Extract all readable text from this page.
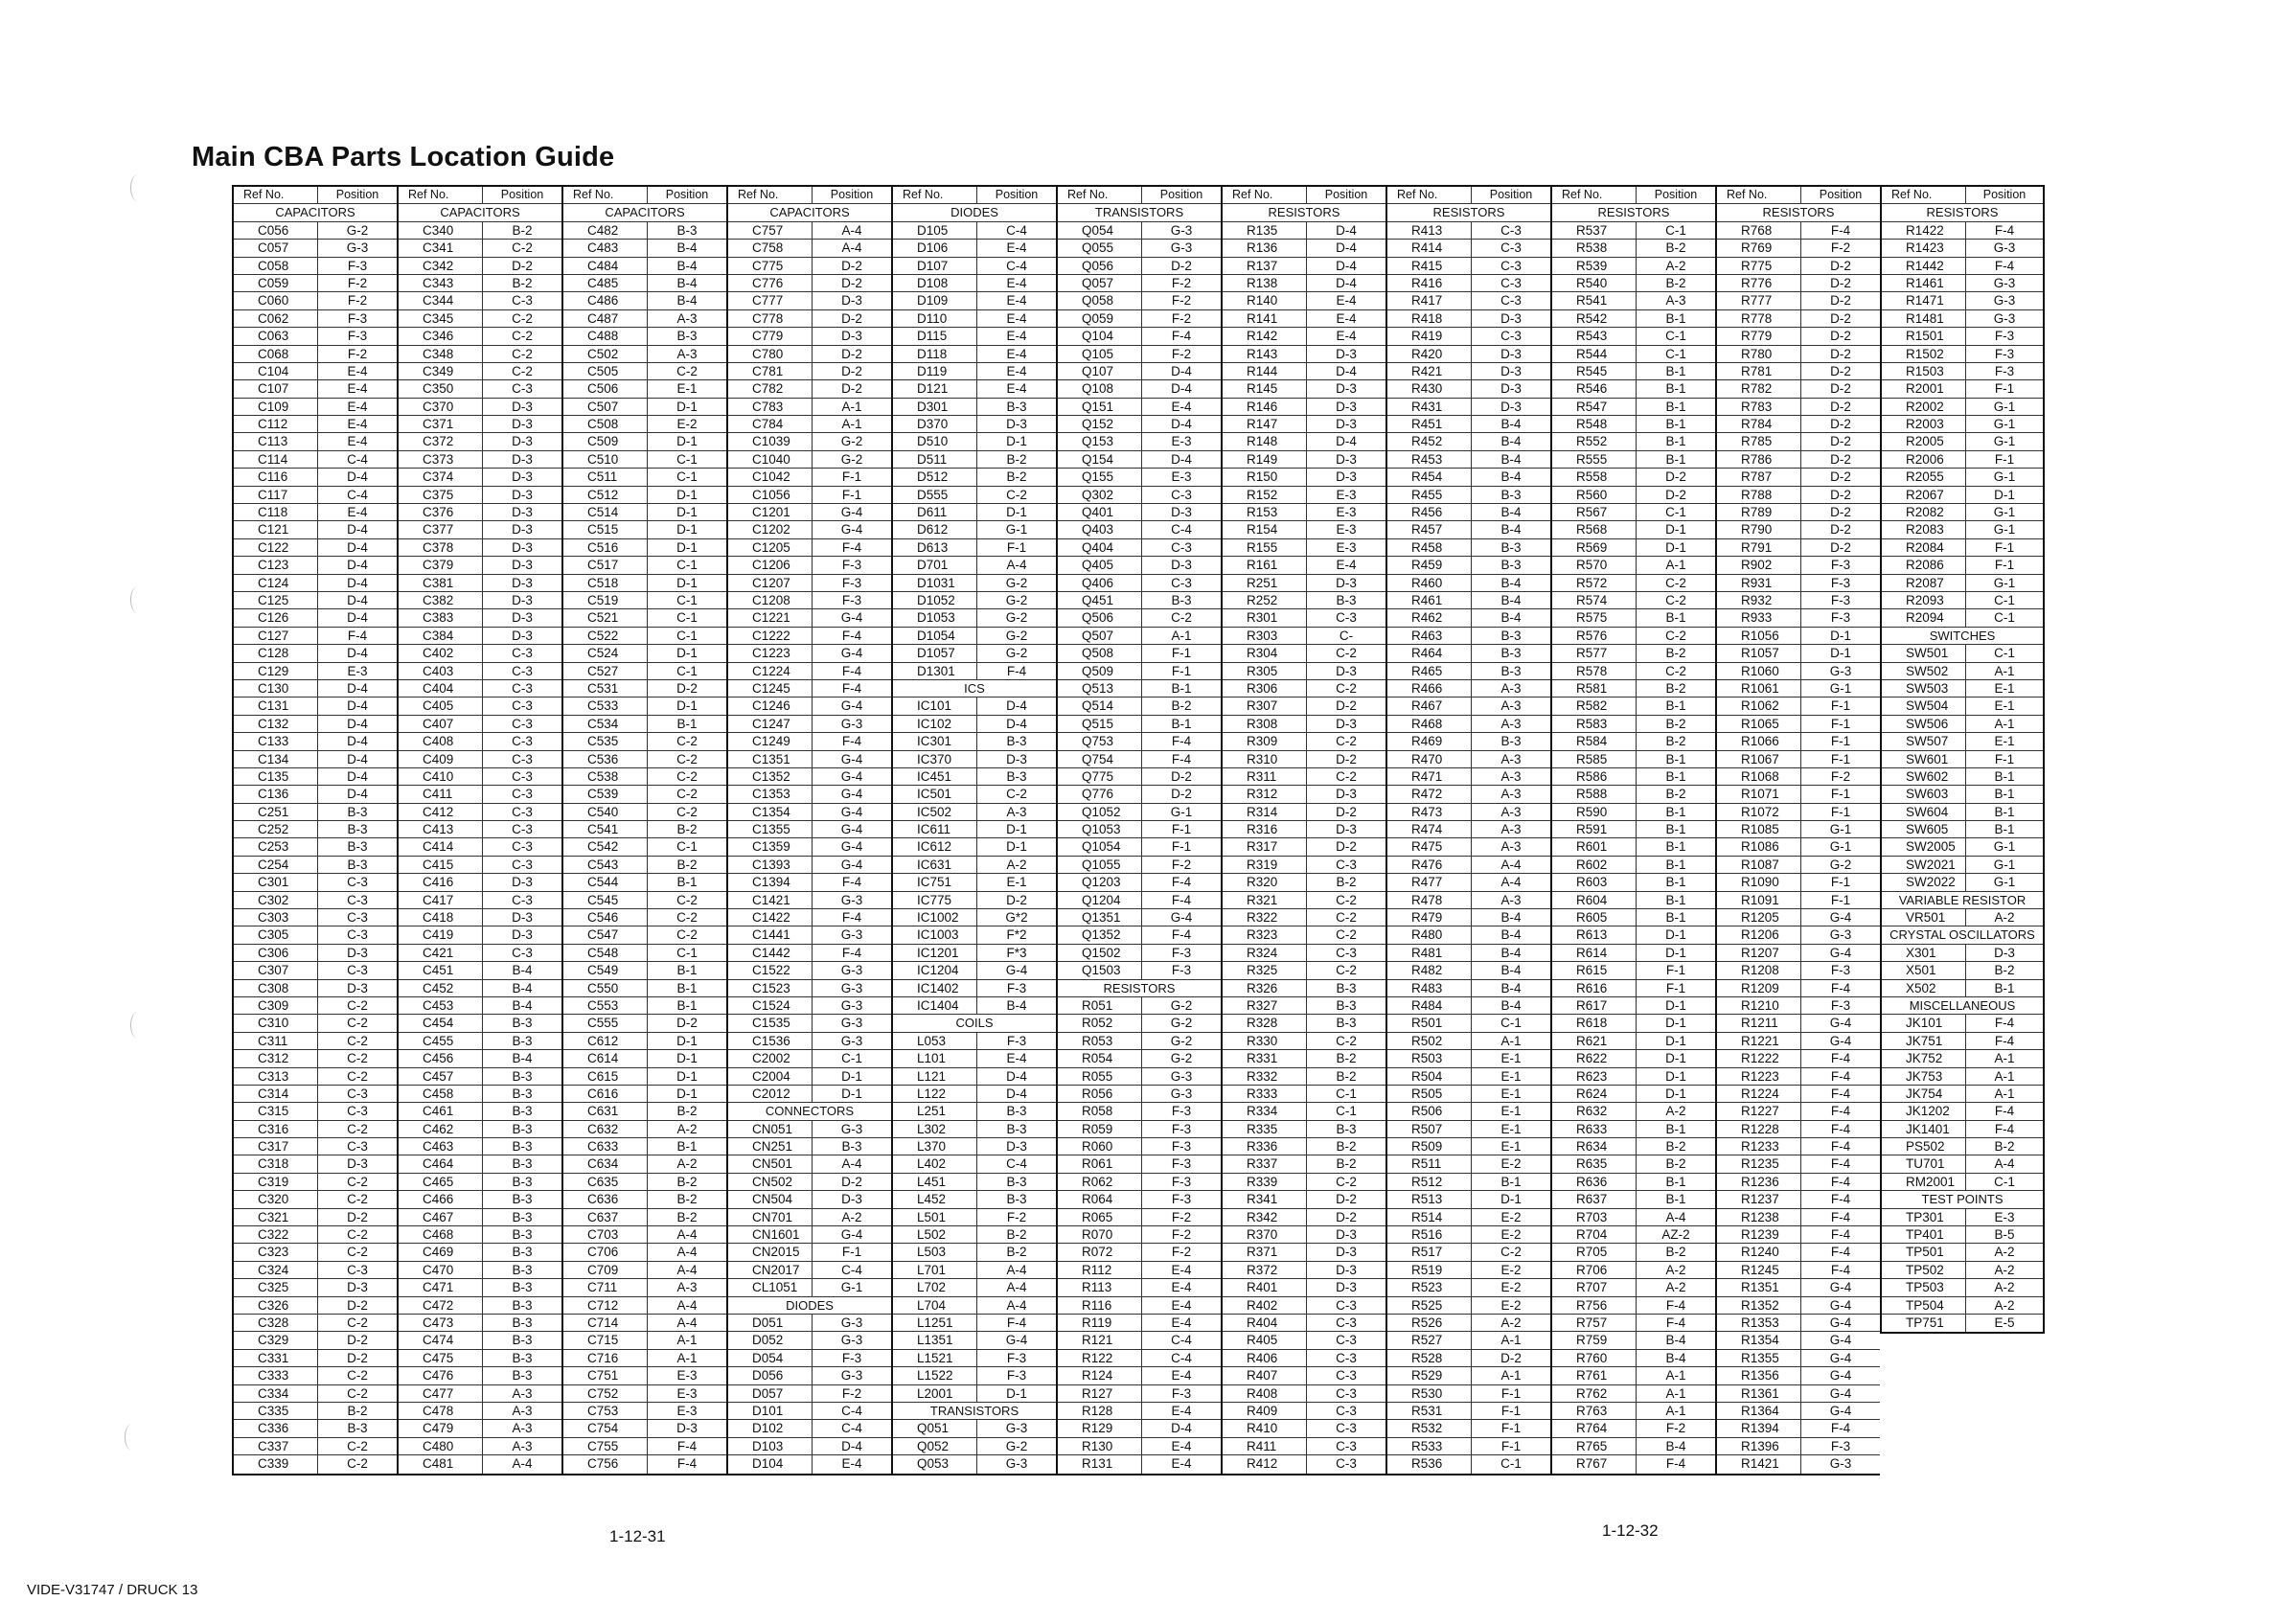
Main CBA Parts Location Guide
Ref No.	Position
CAPACITORS
C056	G-2
C057	G-3
C058	F-3
C059	F-2
C060	F-2
C062	F-3
C063	F-3
C068	F-2
C104	E-4
C107	E-4
C109	E-4
C112	E-4
C113	E-4
C114	C-4
C116	D-4
C117	C-4
C118	E-4
C121	D-4
C122	D-4
C123	D-4
C124	D-4
C125	D-4
C126	D-4
C127	F-4
C128	D-4
C129	E-3
C130	D-4
C131	D-4
C132	D-4
C133	D-4
C134	D-4
C135	D-4
C136	D-4
C251	B-3
C252	B-3
C253	B-3
C254	B-3
C301	C-3
C302	C-3
C303	C-3
C305	C-3
C306	D-3
C307	C-3
C308	D-3
C309	C-2
C310	C-2
C311	C-2
C312	C-2
C313	C-2
C314	C-3
C315	C-3
C316	C-2
C317	C-3
C318	D-3
C319	C-2
C320	C-2
C321	D-2
C322	C-2
C323	C-2
C324	C-3
C325	D-3
C326	D-2
C328	C-2
C329	D-2
C331	D-2
C333	C-2
C334	C-2
C335	B-2
C336	B-3
C337	C-2
C339	C-2
Ref No.	Position
CAPACITORS
C340	B-2
C341	C-2
C342	D-2
C343	B-2
C344	C-3
C345	C-2
C346	C-2
C348	C-2
C349	C-2
C350	C-3
C370	D-3
C371	D-3
C372	D-3
C373	D-3
C374	D-3
C375	D-3
C376	D-3
C377	D-3
C378	D-3
C379	D-3
C381	D-3
C382	D-3
C383	D-3
C384	D-3
C402	C-3
C403	C-3
C404	C-3
C405	C-3
C407	C-3
C408	C-3
C409	C-3
C410	C-3
C411	C-3
C412	C-3
C413	C-3
C414	C-3
C415	C-3
C416	D-3
C417	C-3
C418	D-3
C419	D-3
C421	C-3
C451	B-4
C452	B-4
C453	B-4
C454	B-3
C455	B-3
C456	B-4
C457	B-3
C458	B-3
C461	B-3
C462	B-3
C463	B-3
C464	B-3
C465	B-3
C466	B-3
C467	B-3
C468	B-3
C469	B-3
C470	B-3
C471	B-3
C472	B-3
C473	B-3
C474	B-3
C475	B-3
C476	B-3
C477	A-3
C478	A-3
C479	A-3
C480	A-3
C481	A-4
Ref No.	Position
CAPACITORS
C482	B-3
C483	B-4
C484	B-4
C485	B-4
C486	B-4
C487	A-3
C488	B-3
C502	A-3
C505	C-2
C506	E-1
C507	D-1
C508	E-2
C509	D-1
C510	C-1
C511	C-1
C512	D-1
C514	D-1
C515	D-1
C516	D-1
C517	C-1
C518	D-1
C519	C-1
C521	C-1
C522	C-1
C524	D-1
C527	C-1
C531	D-2
C533	D-1
C534	B-1
C535	C-2
C536	C-2
C538	C-2
C539	C-2
C540	C-2
C541	B-2
C542	C-1
C543	B-2
C544	B-1
C545	C-2
C546	C-2
C547	C-2
C548	C-1
C549	B-1
C550	B-1
C553	B-1
C555	D-2
C612	D-1
C614	D-1
C615	D-1
C616	D-1
C631	B-2
C632	A-2
C633	B-1
C634	A-2
C635	B-2
C636	B-2
C637	B-2
C703	A-4
C706	A-4
C709	A-4
C711	A-3
C712	A-4
C714	A-4
C715	A-1
C716	A-1
C751	E-3
C752	E-3
C753	E-3
C754	D-3
C755	F-4
C756	F-4
Ref No.	Position
CAPACITORS
C757	A-4
C758	A-4
C775	D-2
C776	D-2
C777	D-3
C778	D-2
C779	D-3
C780	D-2
C781	D-2
C782	D-2
C783	A-1
C784	A-1
C1039	G-2
C1040	G-2
C1042	F-1
C1056	F-1
C1201	G-4
C1202	G-4
C1205	F-4
C1206	F-3
C1207	F-3
C1208	F-3
C1221	G-4
C1222	F-4
C1223	G-4
C1224	F-4
C1245	F-4
C1246	G-4
C1247	G-3
C1249	F-4
C1351	G-4
C1352	G-4
C1353	G-4
C1354	G-4
C1355	G-4
C1359	G-4
C1393	G-4
C1394	F-4
C1421	G-3
C1422	F-4
C1441	G-3
C1442	F-4
C1522	G-3
C1523	G-3
C1524	G-3
C1535	G-3
C1536	G-3
C2002	C-1
C2004	D-1
C2012	D-1
CONNECTORS
CN051	G-3
CN251	B-3
CN501	A-4
CN502	D-2
CN504	D-3
CN701	A-2
CN1601	G-4
CN2015	F-1
CN2017	C-4
CL1051	G-1
DIODES
D051	G-3
D052	G-3
D054	F-3
D056	G-3
D057	F-2
D101	C-4
D102	C-4
D103	D-4
D104	E-4
Ref No.	Position
DIODES
D105	C-4
D106	E-4
D107	C-4
D108	E-4
D109	E-4
D110	E-4
D115	E-4
D118	E-4
D119	E-4
D121	E-4
D301	B-3
D370	D-3
D510	D-1
D511	B-2
D512	B-2
D555	C-2
D611	D-1
D612	G-1
D613	F-1
D701	A-4
D1031	G-2
D1052	G-2
D1053	G-2
D1054	G-2
D1057	G-2
D1301	F-4
ICS
IC101	D-4
IC102	D-4
IC301	B-3
IC370	D-3
IC451	B-3
IC501	C-2
IC502	A-3
IC611	D-1
IC612	D-1
IC631	A-2
IC751	E-1
IC775	D-2
IC1002	G*2
IC1003	F*2
IC1201	F*3
IC1204	G-4
IC1402	F-3
IC1404	B-4
COILS
L053	F-3
L101	E-4
L121	D-4
L122	D-4
L251	B-3
L302	B-3
L370	D-3
L402	C-4
L451	B-3
L452	B-3
L501	F-2
L502	B-2
L503	B-2
L701	A-4
L702	A-4
L704	A-4
L1251	F-4
L1351	G-4
L1521	F-3
L1522	F-3
L2001	D-1
TRANSISTORS
Q051	G-3
Q052	G-2
Q053	G-3
Ref No.	Position
TRANSISTORS
Q054	G-3
Q055	G-3
Q056	D-2
Q057	F-2
Q058	F-2
Q059	F-2
Q104	F-4
Q105	F-2
Q107	D-4
Q108	D-4
Q151	E-4
Q152	D-4
Q153	E-3
Q154	D-4
Q155	E-3
Q302	C-3
Q401	D-3
Q403	C-4
Q404	C-3
Q405	D-3
Q406	C-3
Q451	B-3
Q506	C-2
Q507	A-1
Q508	F-1
Q509	F-1
Q513	B-1
Q514	B-2
Q515	B-1
Q753	F-4
Q754	F-4
Q775	D-2
Q776	D-2
Q1052	G-1
Q1053	F-1
Q1054	F-1
Q1055	F-2
Q1203	F-4
Q1204	F-4
Q1351	G-4
Q1352	F-4
Q1502	F-3
Q1503	F-3
RESISTORS
R051	G-2
R052	G-2
R053	G-2
R054	G-2
R055	G-3
R056	G-3
R058	F-3
R059	F-3
R060	F-3
R061	F-3
R062	F-3
R064	F-3
R065	F-2
R070	F-2
R072	F-2
R112	E-4
R113	E-4
R116	E-4
R119	E-4
R121	C-4
R122	C-4
R124	E-4
R127	F-3
R128	E-4
R129	D-4
R130	E-4
R131	E-4
Ref No.	Position
RESISTORS
R135	D-4
R136	D-4
R137	D-4
R138	D-4
R140	E-4
R141	E-4
R142	E-4
R143	D-3
R144	D-4
R145	D-3
R146	D-3
R147	D-3
R148	D-4
R149	D-3
R150	D-3
R152	E-3
R153	E-3
R154	E-3
R155	E-3
R161	E-4
R251	D-3
R252	B-3
R301	C-3
R303	C-
R304	C-2
R305	D-3
R306	C-2
R307	D-2
R308	D-3
R309	C-2
R310	D-2
R311	C-2
R312	D-3
R314	D-2
R316	D-3
R317	D-2
R319	C-3
R320	B-2
R321	C-2
R322	C-2
R323	C-2
R324	C-3
R325	C-2
R326	B-3
R327	B-3
R328	B-3
R330	C-2
R331	B-2
R332	B-2
R333	C-1
R334	C-1
R335	B-3
R336	B-2
R337	B-2
R339	C-2
R341	D-2
R342	D-2
R370	D-3
R371	D-3
R372	D-3
R401	D-3
R402	C-3
R404	C-3
R405	C-3
R406	C-3
R407	C-3
R408	C-3
R409	C-3
R410	C-3
R411	C-3
R412	C-3
Ref No.	Position
RESISTORS
R413	C-3
R414	C-3
R415	C-3
R416	C-3
R417	C-3
R418	D-3
R419	C-3
R420	D-3
R421	D-3
R430	D-3
R431	D-3
R451	B-4
R452	B-4
R453	B-4
R454	B-4
R455	B-3
R456	B-4
R457	B-4
R458	B-3
R459	B-3
R460	B-4
R461	B-4
R462	B-4
R463	B-3
R464	B-3
R465	B-3
R466	A-3
R467	A-3
R468	A-3
R469	B-3
R470	A-3
R471	A-3
R472	A-3
R473	A-3
R474	A-3
R475	A-3
R476	A-4
R477	A-4
R478	A-3
R479	B-4
R480	B-4
R481	B-4
R482	B-4
R483	B-4
R484	B-4
R501	C-1
R502	A-1
R503	E-1
R504	E-1
R505	E-1
R506	E-1
R507	E-1
R509	E-1
R511	E-2
R512	B-1
R513	D-1
R514	E-2
R516	E-2
R517	C-2
R519	E-2
R523	E-2
R525	E-2
R526	A-2
R527	A-1
R528	D-2
R529	A-1
R530	F-1
R531	F-1
R532	F-1
R533	F-1
R536	C-1
Ref No.	Position
RESISTORS
R537	C-1
R538	B-2
R539	A-2
R540	B-2
R541	A-3
R542	B-1
R543	C-1
R544	C-1
R545	B-1
R546	B-1
R547	B-1
R548	B-1
R552	B-1
R555	B-1
R558	D-2
R560	D-2
R567	C-1
R568	D-1
R569	D-1
R570	A-1
R572	C-2
R574	C-2
R575	B-1
R576	C-2
R577	B-2
R578	C-2
R581	B-2
R582	B-1
R583	B-2
R584	B-2
R585	B-1
R586	B-1
R588	B-2
R590	B-1
R591	B-1
R601	B-1
R602	B-1
R603	B-1
R604	B-1
R605	B-1
R613	D-1
R614	D-1
R615	F-1
R616	F-1
R617	D-1
R618	D-1
R621	D-1
R622	D-1
R623	D-1
R624	D-1
R632	A-2
R633	B-1
R634	B-2
R635	B-2
R636	B-1
R637	B-1
R703	A-4
R704	AZ-2
R705	B-2
R706	A-2
R707	A-2
R756	F-4
R757	F-4
R759	B-4
R760	B-4
R761	A-1
R762	A-1
R763	A-1
R764	F-2
R765	B-4
R767	F-4
Ref No.	Position
RESISTORS
R768	F-4
R769	F-2
R775	D-2
R776	D-2
R777	D-2
R778	D-2
R779	D-2
R780	D-2
R781	D-2
R782	D-2
R783	D-2
R784	D-2
R785	D-2
R786	D-2
R787	D-2
R788	D-2
R789	D-2
R790	D-2
R791	D-2
R902	F-3
R931	F-3
R932	F-3
R933	F-3
R1056	D-1
R1057	D-1
R1060	G-3
R1061	G-1
R1062	F-1
R1065	F-1
R1066	F-1
R1067	F-1
R1068	F-2
R1071	F-1
R1072	F-1
R1085	G-1
R1086	G-1
R1087	G-2
R1090	F-1
R1091	F-1
R1205	G-4
R1206	G-3
R1207	G-4
R1208	F-3
R1209	F-4
R1210	F-3
R1211	G-4
R1221	G-4
R1222	F-4
R1223	F-4
R1224	F-4
R1227	F-4
R1228	F-4
R1233	F-4
R1235	F-4
R1236	F-4
R1237	F-4
R1238	F-4
R1239	F-4
R1240	F-4
R1245	F-4
R1351	G-4
R1352	G-4
R1353	G-4
R1354	G-4
R1355	G-4
R1356	G-4
R1361	G-4
R1364	G-4
R1394	F-4
R1396	F-3
R1421	G-3
Ref No.	Position
RESISTORS
R1422	F-4
R1423	G-3
R1442	F-4
R1461	G-3
R1471	G-3
R1481	G-3
R1501	F-3
R1502	F-3
R1503	F-3
R2001	F-1
R2002	G-1
R2003	G-1
R2005	G-1
R2006	F-1
R2055	G-1
R2067	D-1
R2082	G-1
R2083	G-1
R2084	F-1
R2086	F-1
R2087	G-1
R2093	C-1
R2094	C-1
SWITCHES
SW501	C-1
SW502	A-1
SW503	E-1
SW504	E-1
SW506	A-1
SW507	E-1
SW601	F-1
SW602	B-1
SW603	B-1
SW604	B-1
SW605	B-1
SW2005	G-1
SW2021	G-1
SW2022	G-1
VARIABLE RESISTOR
VR501	A-2
CRYSTAL OSCILLATORS
X301	D-3
X501	B-2
X502	B-1
MISCELLANEOUS
JK101	F-4
JK751	F-4
JK752	A-1
JK753	A-1
JK754	A-1
JK1202	F-4
JK1401	F-4
PS502	B-2
TU701	A-4
RM2001	C-1
TEST POINTS
TP301	E-3
TP401	B-5
TP501	A-2
TP502	A-2
TP503	A-2
TP504	A-2
TP751	E-5
1-12-31	1-12-32
VIDE-V31747 / DRUCK 13
